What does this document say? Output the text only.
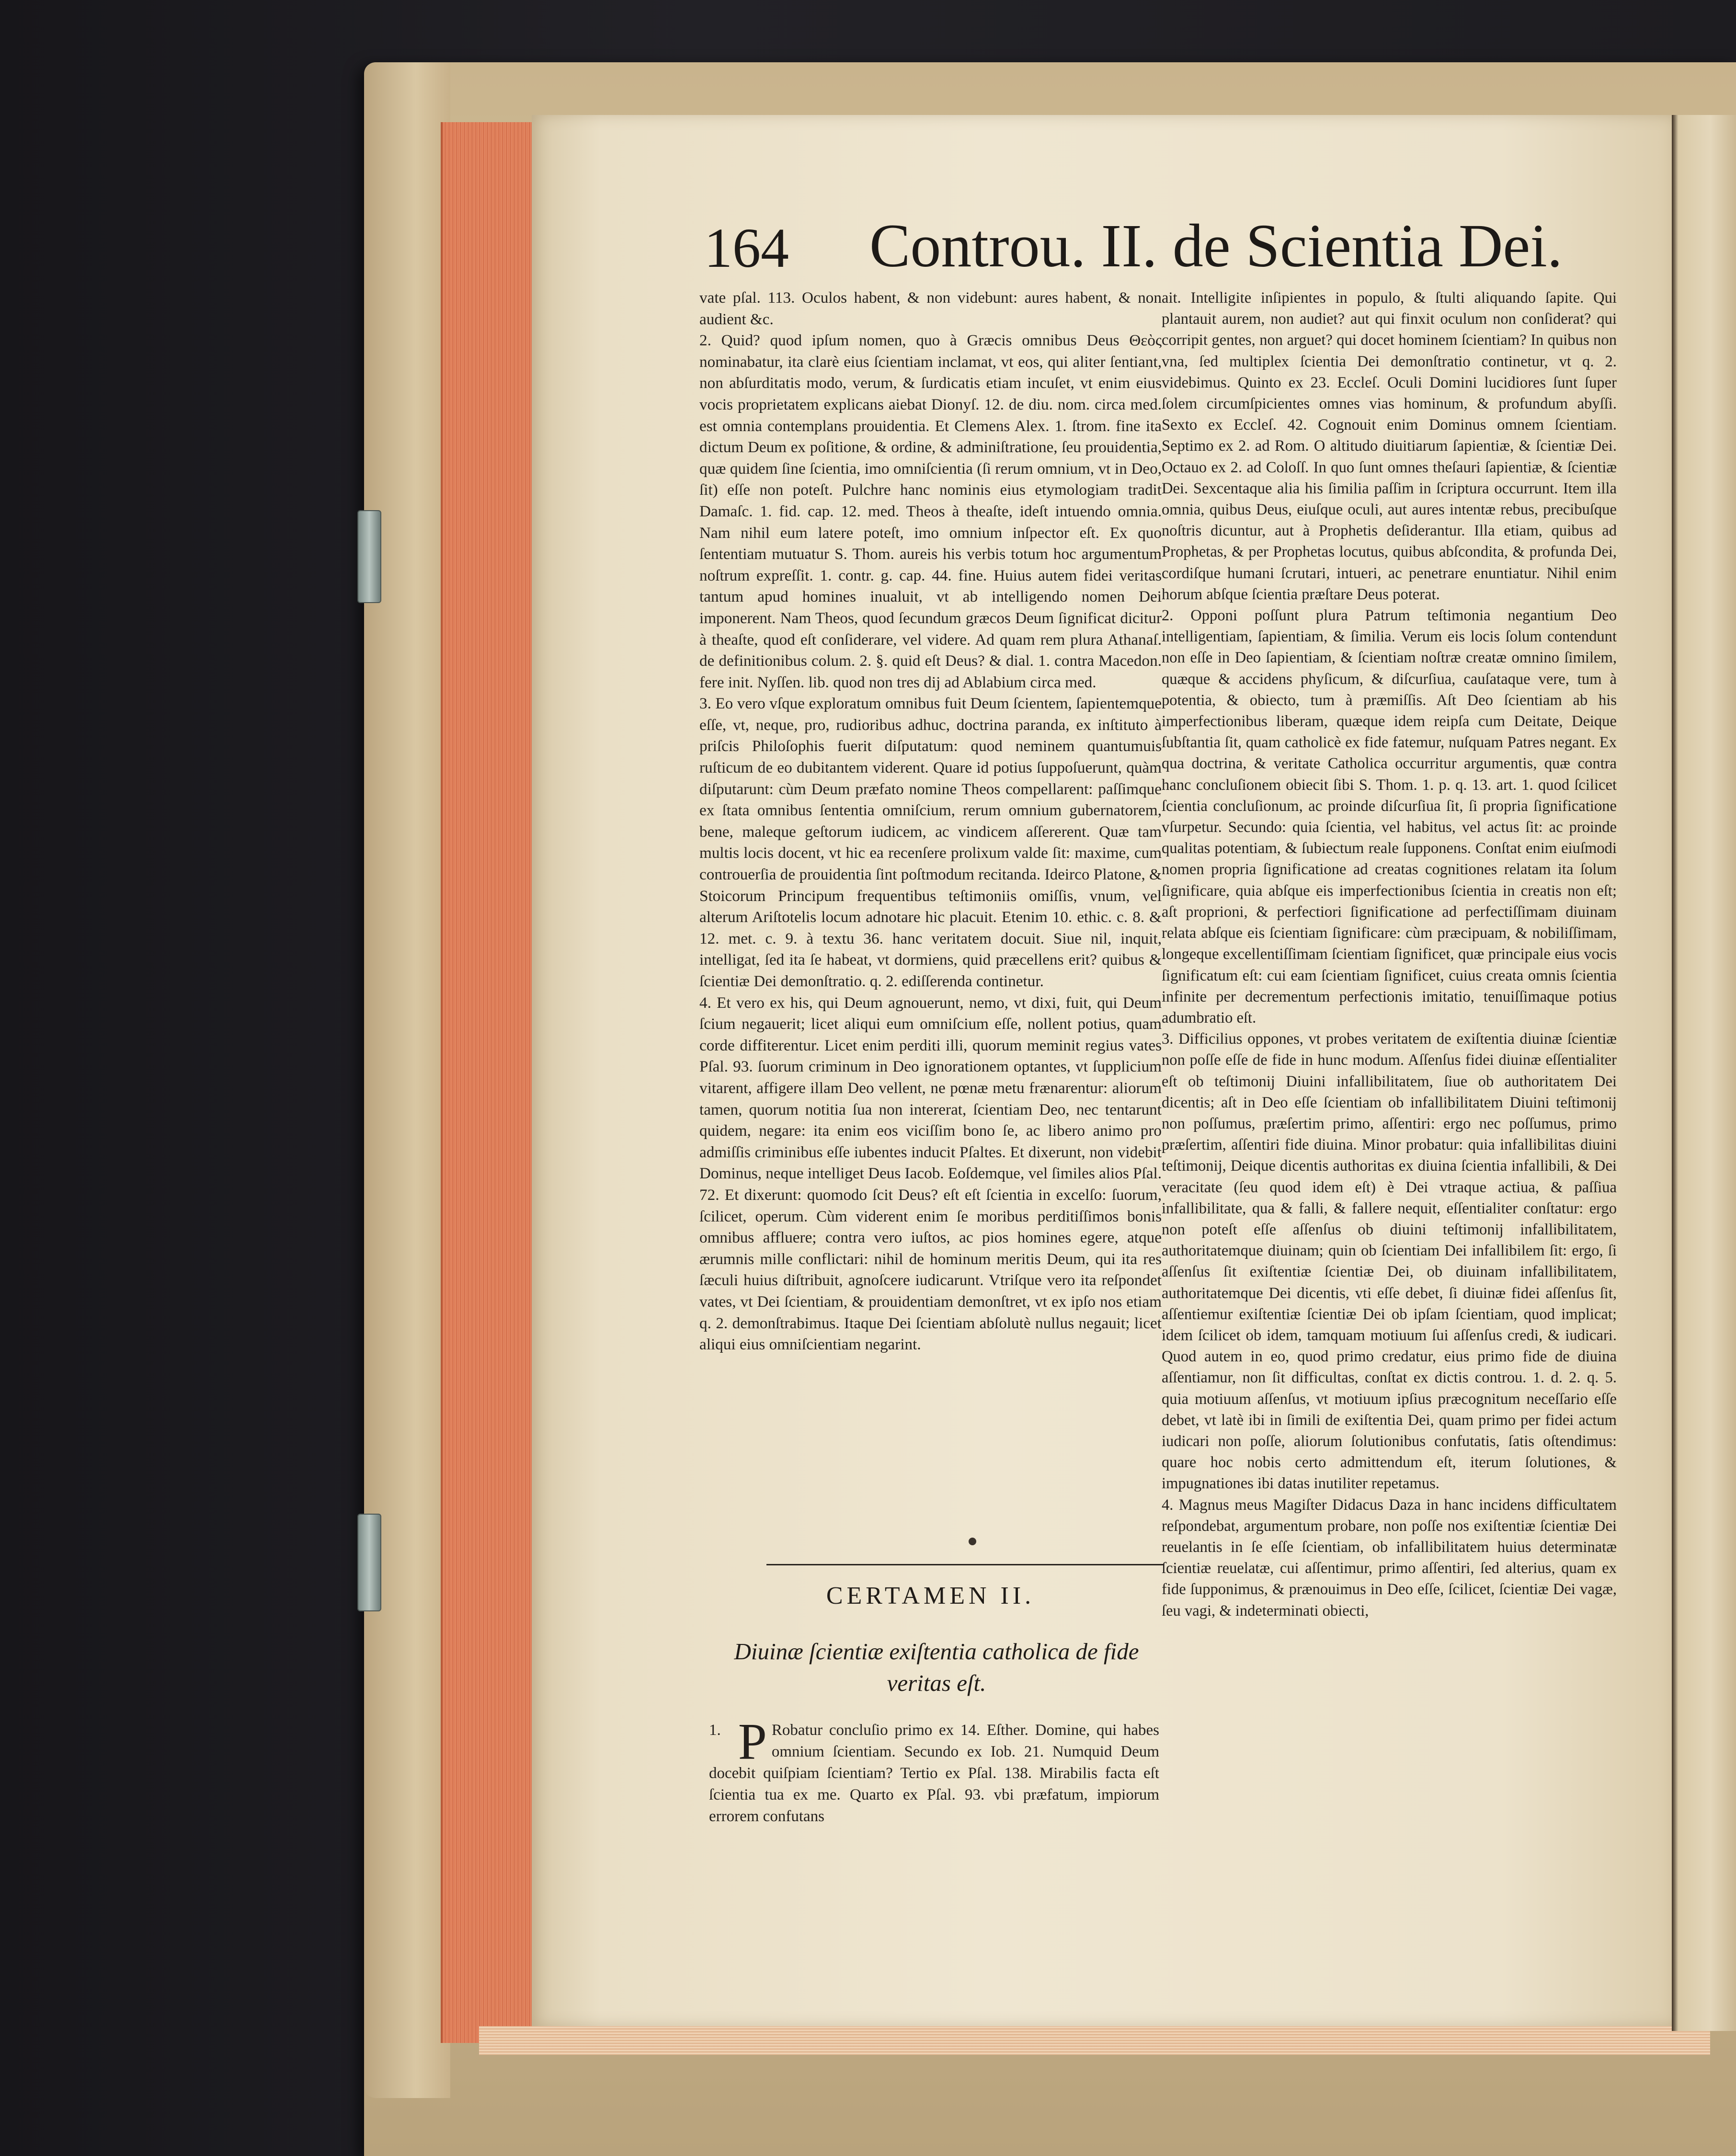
164 Controu. II. de Scientia Dei.

vate pſal. 113. Oculos habent, & non videbunt: aures habent, & non audient &c.

2. Quid? quod ipſum nomen, quo à Græcis omnibus Deus Θεὸς nominabatur, ita clarè eius ſcientiam inclamat, vt eos, qui aliter ſentiant, non abſurditatis modo, verum, & ſurdicatis etiam incuſet, vt enim eius vocis proprietatem explicans aiebat Dionyſ. 12. de diu. nom. circa med. est omnia contemplans prouidentia. Et Clemens Alex. 1. ſtrom. fine ita dictum Deum ex poſitione, & ordine, & adminiſtratione, ſeu prouidentia, quæ quidem ſine ſcientia, imo omniſcientia (ſi rerum omnium, vt in Deo, ſit) eſſe non poteſt. Pulchre hanc nominis eius etymologiam tradit Damaſc. 1. fid. cap. 12. med. Theos à theaſte, ideſt intuendo omnia. Nam nihil eum latere poteſt, imo omnium inſpector eſt. Ex quo ſententiam mutuatur S. Thom. aureis his verbis totum hoc argumentum noſtrum expreſſit. 1. contr. g. cap. 44. fine. Huius autem fidei veritas tantum apud homines inualuit, vt ab intelligendo nomen Dei imponerent. Nam Theos, quod ſecundum græcos Deum ſignificat dicitur à theaſte, quod eſt conſiderare, vel videre. Ad quam rem plura Athanaſ. de definitionibus colum. 2. §. quid eſt Deus? & dial. 1. contra Macedon. fere init. Nyſſen. lib. quod non tres dij ad Ablabium circa med.

3. Eo vero vſque exploratum omnibus fuit Deum ſcientem, ſapientemque eſſe, vt, neque, pro, rudioribus adhuc, doctrina paranda, ex inſtituto à priſcis Philoſophis fuerit diſputatum: quod neminem quantumuis ruſticum de eo dubitantem viderent. Quare id potius ſuppoſuerunt, quàm diſputarunt: cùm Deum præfato nomine Theos compellarent: paſſimque ex ſtata omnibus ſententia omniſcium, rerum omnium gubernatorem, bene, maleque geſtorum iudicem, ac vindicem aſſererent. Quæ tam multis locis docent, vt hic ea recenſere prolixum valde ſit: maxime, cum controuerſia de prouidentia ſint poſtmodum recitanda. Ideirco Platone, & Stoicorum Principum frequentibus teſtimoniis omiſſis, vnum, vel alterum Ariſtotelis locum adnotare hic placuit. Etenim 10. ethic. c. 8. & 12. met. c. 9. à textu 36. hanc veritatem docuit. Siue nil, inquit, intelligat, ſed ita ſe habeat, vt dormiens, quid præcellens erit? quibus & ſcientiæ Dei demonſtratio. q. 2. ediſſerenda continetur.

4. Et vero ex his, qui Deum agnouerunt, nemo, vt dixi, fuit, qui Deum ſcium negauerit; licet aliqui eum omniſcium eſſe, nollent potius, quam corde diffiterentur. Licet enim perditi illi, quorum meminit regius vates Pſal. 93. ſuorum criminum in Deo ignorationem optantes, vt ſupplicium vitarent, affigere illam Deo vellent, ne pœnæ metu frænarentur: aliorum tamen, quorum notitia ſua non intererat, ſcientiam Deo, nec tentarunt quidem, negare: ita enim eos viciſſim bono ſe, ac libero animo pro admiſſis criminibus eſſe iubentes inducit Pſaltes. Et dixerunt, non videbit Dominus, neque intelliget Deus Iacob. Eoſdemque, vel ſimiles alios Pſal. 72. Et dixerunt: quomodo ſcit Deus? eſt eſt ſcientia in excelſo: ſuorum, ſcilicet, operum. Cùm viderent enim ſe moribus perditiſſimos bonis omnibus affluere; contra vero iuſtos, ac pios homines egere, atque ærumnis mille conflictari: nihil de hominum meritis Deum, qui ita res ſæculi huius diſtribuit, agnoſcere iudicarunt. Vtriſque vero ita reſpondet vates, vt Dei ſcientiam, & prouidentiam demonſtret, vt ex ipſo nos etiam q. 2. demonſtrabimus. Itaque Dei ſcientiam abſolutè nullus negauit; licet aliqui eius omniſcientiam negarint.

CERTAMEN II.
Diuinæ ſcientiæ exiſtentia catholica de fide veritas eſt.
1. P Robatur concluſio primo ex 14. Eſther. Domine, qui habes omnium ſcientiam. Secundo ex Iob. 21. Numquid Deum docebit quiſpiam ſcientiam? Tertio ex Pſal. 138. Mirabilis facta eſt ſcientia tua ex me. Quarto ex Pſal. 93. vbi præfatum, impiorum errorem confutans

ait. Intelligite inſipientes in populo, & ſtulti aliquando ſapite. Qui plantauit aurem, non audiet? aut qui finxit oculum non conſiderat? qui corripit gentes, non arguet? qui docet hominem ſcientiam? In quibus non vna, ſed multiplex ſcientia Dei demonſtratio continetur, vt q. 2. videbimus. Quinto ex 23. Eccleſ. Oculi Domini lucidiores ſunt ſuper ſolem circumſpicientes omnes vias hominum, & profundum abyſſi. Sexto ex Eccleſ. 42. Cognouit enim Dominus omnem ſcientiam. Septimo ex 2. ad Rom. O altitudo diuitiarum ſapientiæ, & ſcientiæ Dei. Octauo ex 2. ad Coloſſ. In quo ſunt omnes theſauri ſapientiæ, & ſcientiæ Dei. Sexcentaque alia his ſimilia paſſim in ſcriptura occurrunt. Item illa omnia, quibus Deus, eiuſque oculi, aut aures intentæ rebus, precibuſque noſtris dicuntur, aut à Prophetis deſiderantur. Illa etiam, quibus ad Prophetas, & per Prophetas locutus, quibus abſcondita, & profunda Dei, cordiſque humani ſcrutari, intueri, ac penetrare enuntiatur. Nihil enim horum abſque ſcientia præſtare Deus poterat.

2. Opponi poſſunt plura Patrum teſtimonia negantium Deo intelligentiam, ſapientiam, & ſimilia. Verum eis locis ſolum contendunt non eſſe in Deo ſapientiam, & ſcientiam noſtræ creatæ omnino ſimilem, quæque & accidens phyſicum, & diſcurſiua, cauſataque vere, tum à potentia, & obiecto, tum à præmiſſis. Aſt Deo ſcientiam ab his imperfectionibus liberam, quæque idem reipſa cum Deitate, Deique ſubſtantia ſit, quam catholicè ex fide fatemur, nuſquam Patres negant. Ex qua doctrina, & veritate Catholica occurritur argumentis, quæ contra hanc concluſionem obiecit ſibi S. Thom. 1. p. q. 13. art. 1. quod ſcilicet ſcientia concluſionum, ac proinde diſcurſiua ſit, ſi propria ſignificatione vſurpetur. Secundo: quia ſcientia, vel habitus, vel actus ſit: ac proinde qualitas potentiam, & ſubiectum reale ſupponens. Conſtat enim eiuſmodi nomen propria ſignificatione ad creatas cognitiones relatam ita ſolum ſignificare, quia abſque eis imperfectionibus ſcientia in creatis non eſt; aſt proprioni, & perfectiori ſignificatione ad perfectiſſimam diuinam relata abſque eis ſcientiam ſignificare: cùm præcipuam, & nobiliſſimam, longeque excellentiſſimam ſcientiam ſignificet, quæ principale eius vocis ſignificatum eſt: cui eam ſcientiam ſignificet, cuius creata omnis ſcientia infinite per decrementum perfectionis imitatio, tenuiſſimaque potius adumbratio eſt.

3. Difficilius oppones, vt probes veritatem de exiſtentia diuinæ ſcientiæ non poſſe eſſe de fide in hunc modum. Aſſenſus fidei diuinæ eſſentialiter eſt ob teſtimonij Diuini infallibilitatem, ſiue ob authoritatem Dei dicentis; aſt in Deo eſſe ſcientiam ob infallibilitatem Diuini teſtimonij non poſſumus, præſertim primo, aſſentiri: ergo nec poſſumus, primo præſertim, aſſentiri fide diuina. Minor probatur: quia infallibilitas diuini teſtimonij, Deique dicentis authoritas ex diuina ſcientia infallibili, & Dei veracitate (ſeu quod idem eſt) è Dei vtraque actiua, & paſſiua infallibilitate, qua & falli, & fallere nequit, eſſentialiter conſtatur: ergo non poteſt eſſe aſſenſus ob diuini teſtimonij infallibilitatem, authoritatemque diuinam; quin ob ſcientiam Dei infallibilem ſit: ergo, ſi aſſenſus ſit exiſtentiæ ſcientiæ Dei, ob diuinam infallibilitatem, authoritatemque Dei dicentis, vti eſſe debet, ſi diuinæ fidei aſſenſus ſit, aſſentiemur exiſtentiæ ſcientiæ Dei ob ipſam ſcientiam, quod implicat; idem ſcilicet ob idem, tamquam motiuum ſui aſſenſus credi, & iudicari. Quod autem in eo, quod primo credatur, eius primo fide de diuina aſſentiamur, non ſit difficultas, conſtat ex dictis controu. 1. d. 2. q. 5. quia motiuum aſſenſus, vt motiuum ipſius præcognitum neceſſario eſſe debet, vt latè ibi in ſimili de exiſtentia Dei, quam primo per fidei actum iudicari non poſſe, aliorum ſolutionibus confutatis, ſatis oſtendimus: quare hoc nobis certo admittendum eſt, iterum ſolutiones, & impugnationes ibi datas inutiliter repetamus.

4. Magnus meus Magiſter Didacus Daza in hanc incidens difficultatem reſpondebat, argumentum probare, non poſſe nos exiſtentiæ ſcientiæ Dei reuelantis in ſe eſſe ſcientiam, ob infallibilitatem huius determinatæ ſcientiæ reuelatæ, cui aſſentimur, primo aſſentiri, ſed alterius, quam ex fide ſupponimus, & prænouimus in Deo eſſe, ſcilicet, ſcientiæ Dei vagæ, ſeu vagi, & indeterminati obiecti,
